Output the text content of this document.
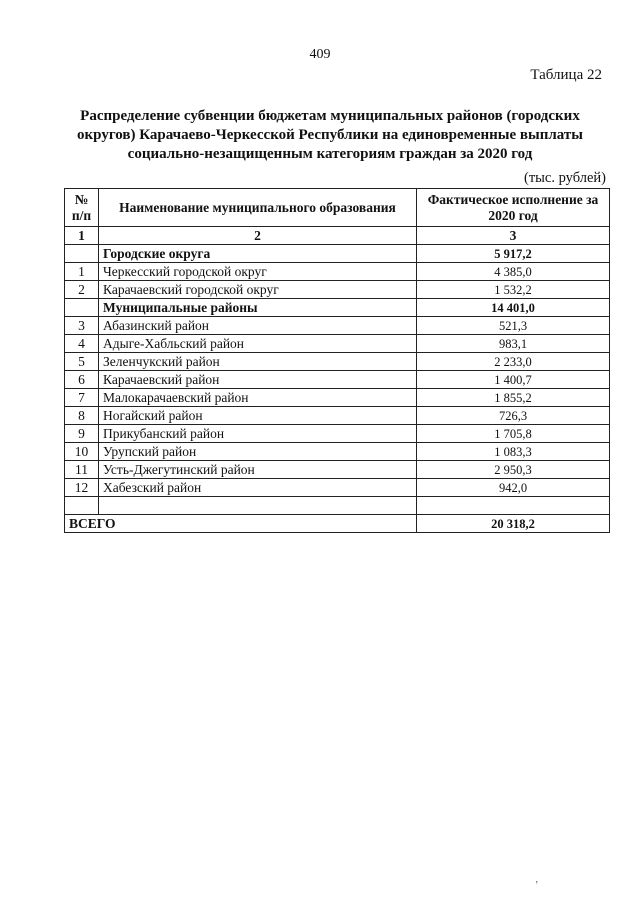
409
Таблица 22
Распределение субвенции бюджетам муниципальных районов (городских
округов) Карачаево-Черкесской Республики на единовременные выплаты
социально-незащищенным категориям граждан за 2020 год
(тыс. рублей)
№ п/п	Наименование муниципального образования	Фактическое исполнение за 2020 год
1	2	3
	Городские округа	5 917,2
1	Черкесский городской округ	4 385,0
2	Карачаевский городской округ	1 532,2
	Муниципальные районы	14 401,0
3	Абазинский район	521,3
4	Адыге-Хабльский район	983,1
5	Зеленчукский район	2 233,0
6	Карачаевский район	1 400,7
7	Малокарачаевский район	1 855,2
8	Ногайский район	726,3
9	Прикубанский район	1 705,8
10	Урупский район	1 083,3
11	Усть-Джегутинский район	2 950,3
12	Хабезский район	942,0

ВСЕГО		20 318,2
ʼ
